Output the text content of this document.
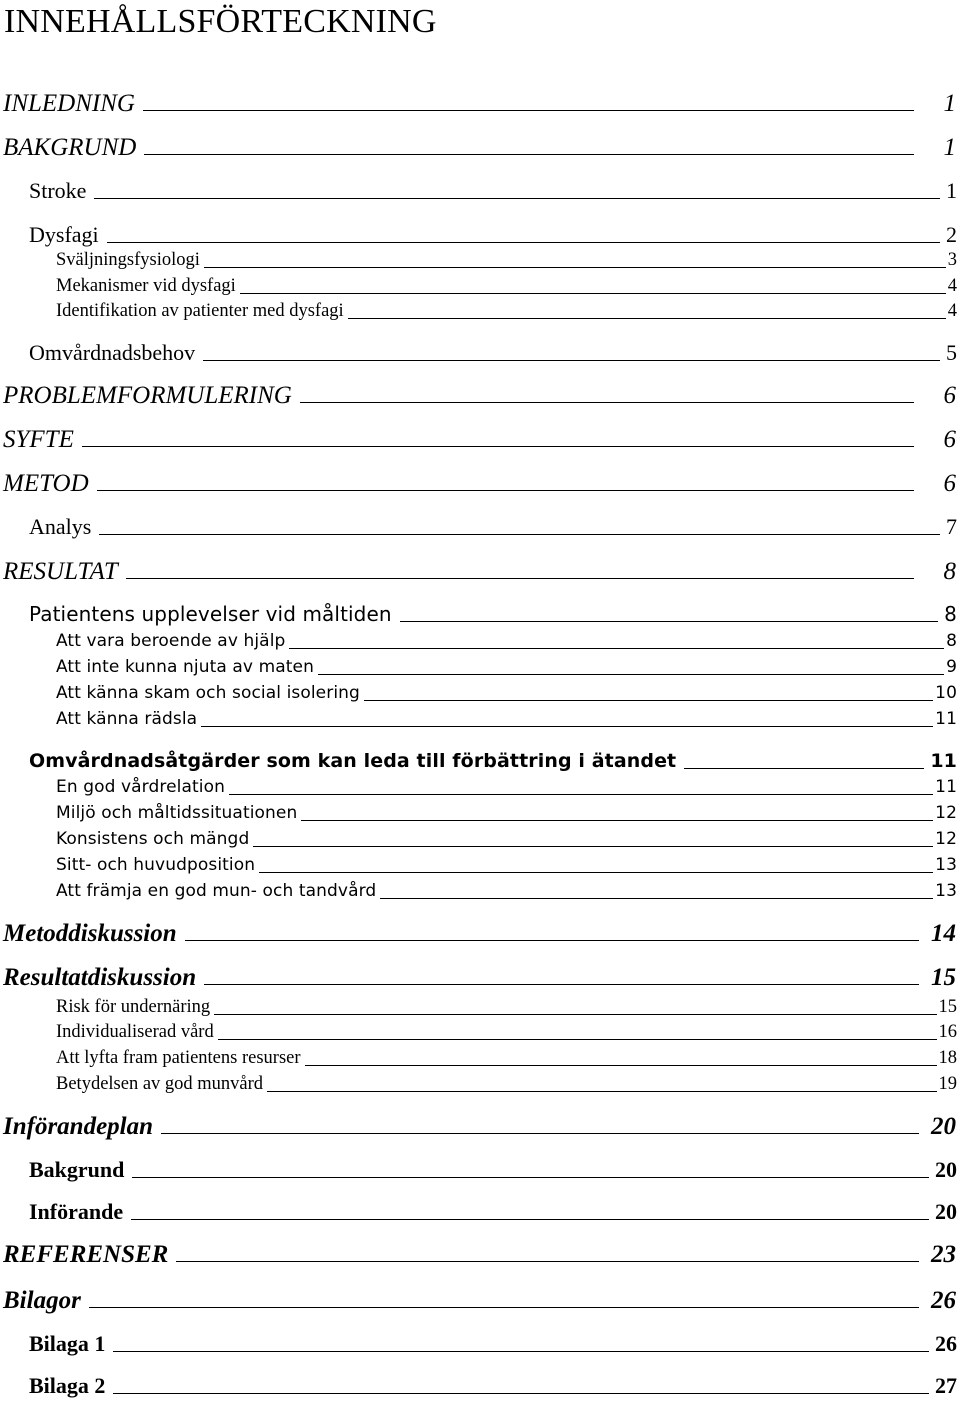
INNEHÅLLSFÖRTECKNING
INLEDNING	1
BAKGRUND	1
Stroke	1
Dysfagi	2
Sväljningsfysiologi	3
Mekanismer vid dysfagi	4
Identifikation av patienter med dysfagi	4
Omvårdnadsbehov	5
PROBLEMFORMULERING	6
SYFTE	6
METOD	6
Analys	7
RESULTAT	8
Patientens upplevelser vid måltiden	8
Att vara beroende av hjälp	8
Att inte kunna njuta av maten	9
Att känna skam och social isolering	10
Att känna rädsla	11
Omvårdnadsåtgärder som kan leda till förbättring i ätandet	11
En god vårdrelation	11
Miljö och måltidssituationen	12
Konsistens och mängd	12
Sitt- och huvudposition	13
Att främja en god mun- och tandvård	13
Metoddiskussion	14
Resultatdiskussion	15
Risk för undernäring	15
Individualiserad vård	16
Att lyfta fram patientens resurser	18
Betydelsen av god munvård	19
Införandeplan	20
Bakgrund	20
Införande	20
REFERENSER	23
Bilagor	26
Bilaga 1	26
Bilaga 2	27
